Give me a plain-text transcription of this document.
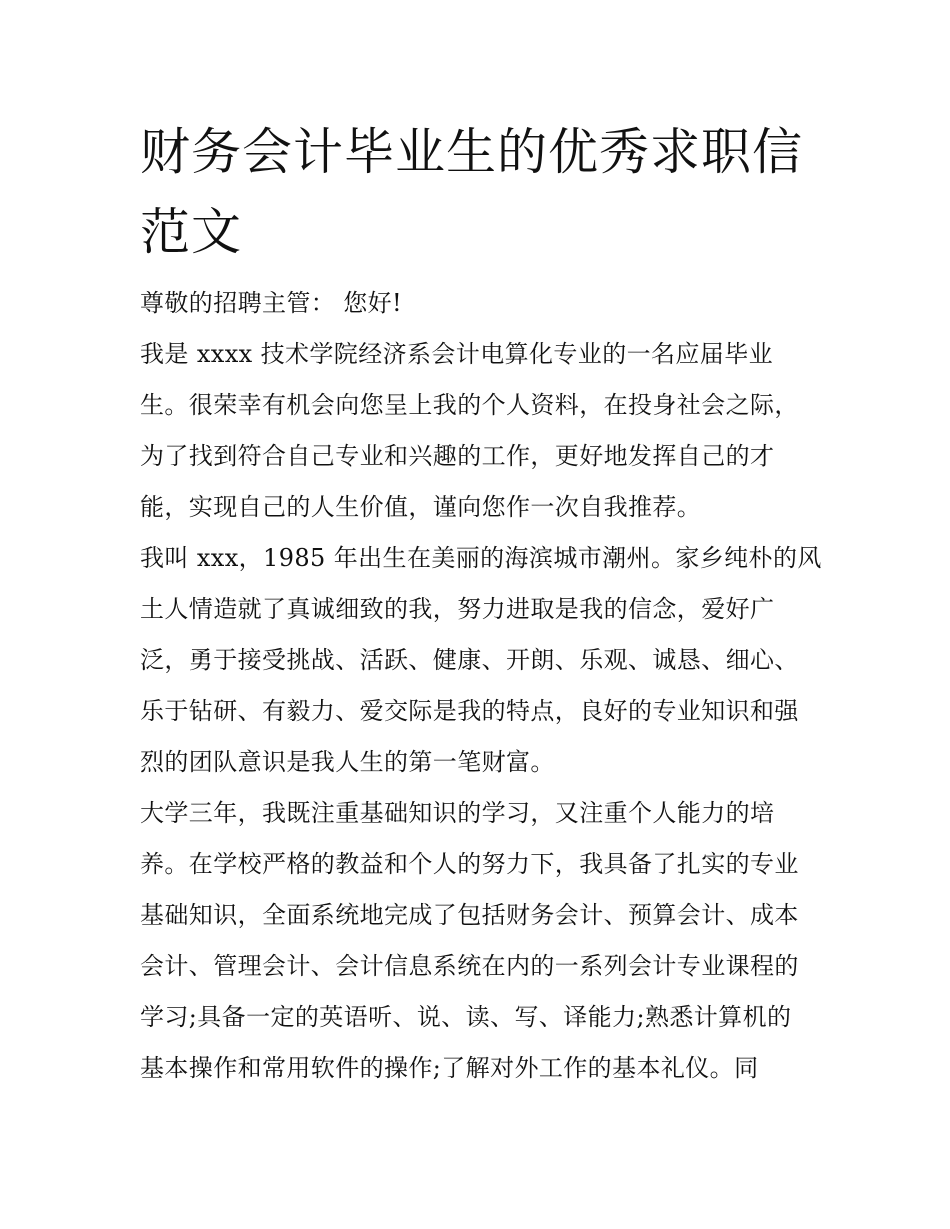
财务会计毕业生的优秀求职信
范文

尊敬的招聘主管： 您好!

我是 xxxx 技术学院经济系会计电算化专业的一名应届毕业
生。很荣幸有机会向您呈上我的个人资料，在投身社会之际，
为了找到符合自己专业和兴趣的工作，更好地发挥自己的才
能，实现自己的人生价值，谨向您作一次自我推荐。

我叫 xxx，1985 年出生在美丽的海滨城市潮州。家乡纯朴的风
土人情造就了真诚细致的我，努力进取是我的信念，爱好广
泛，勇于接受挑战、活跃、健康、开朗、乐观、诚恳、细心、
乐于钻研、有毅力、爱交际是我的特点，良好的专业知识和强
烈的团队意识是我人生的第一笔财富。

大学三年，我既注重基础知识的学习，又注重个人能力的培
养。在学校严格的教益和个人的努力下，我具备了扎实的专业
基础知识，全面系统地完成了包括财务会计、预算会计、成本
会计、管理会计、会计信息系统在内的一系列会计专业课程的
学习;具备一定的英语听、说、读、写、译能力;熟悉计算机的
基本操作和常用软件的操作;了解对外工作的基本礼仪。同
